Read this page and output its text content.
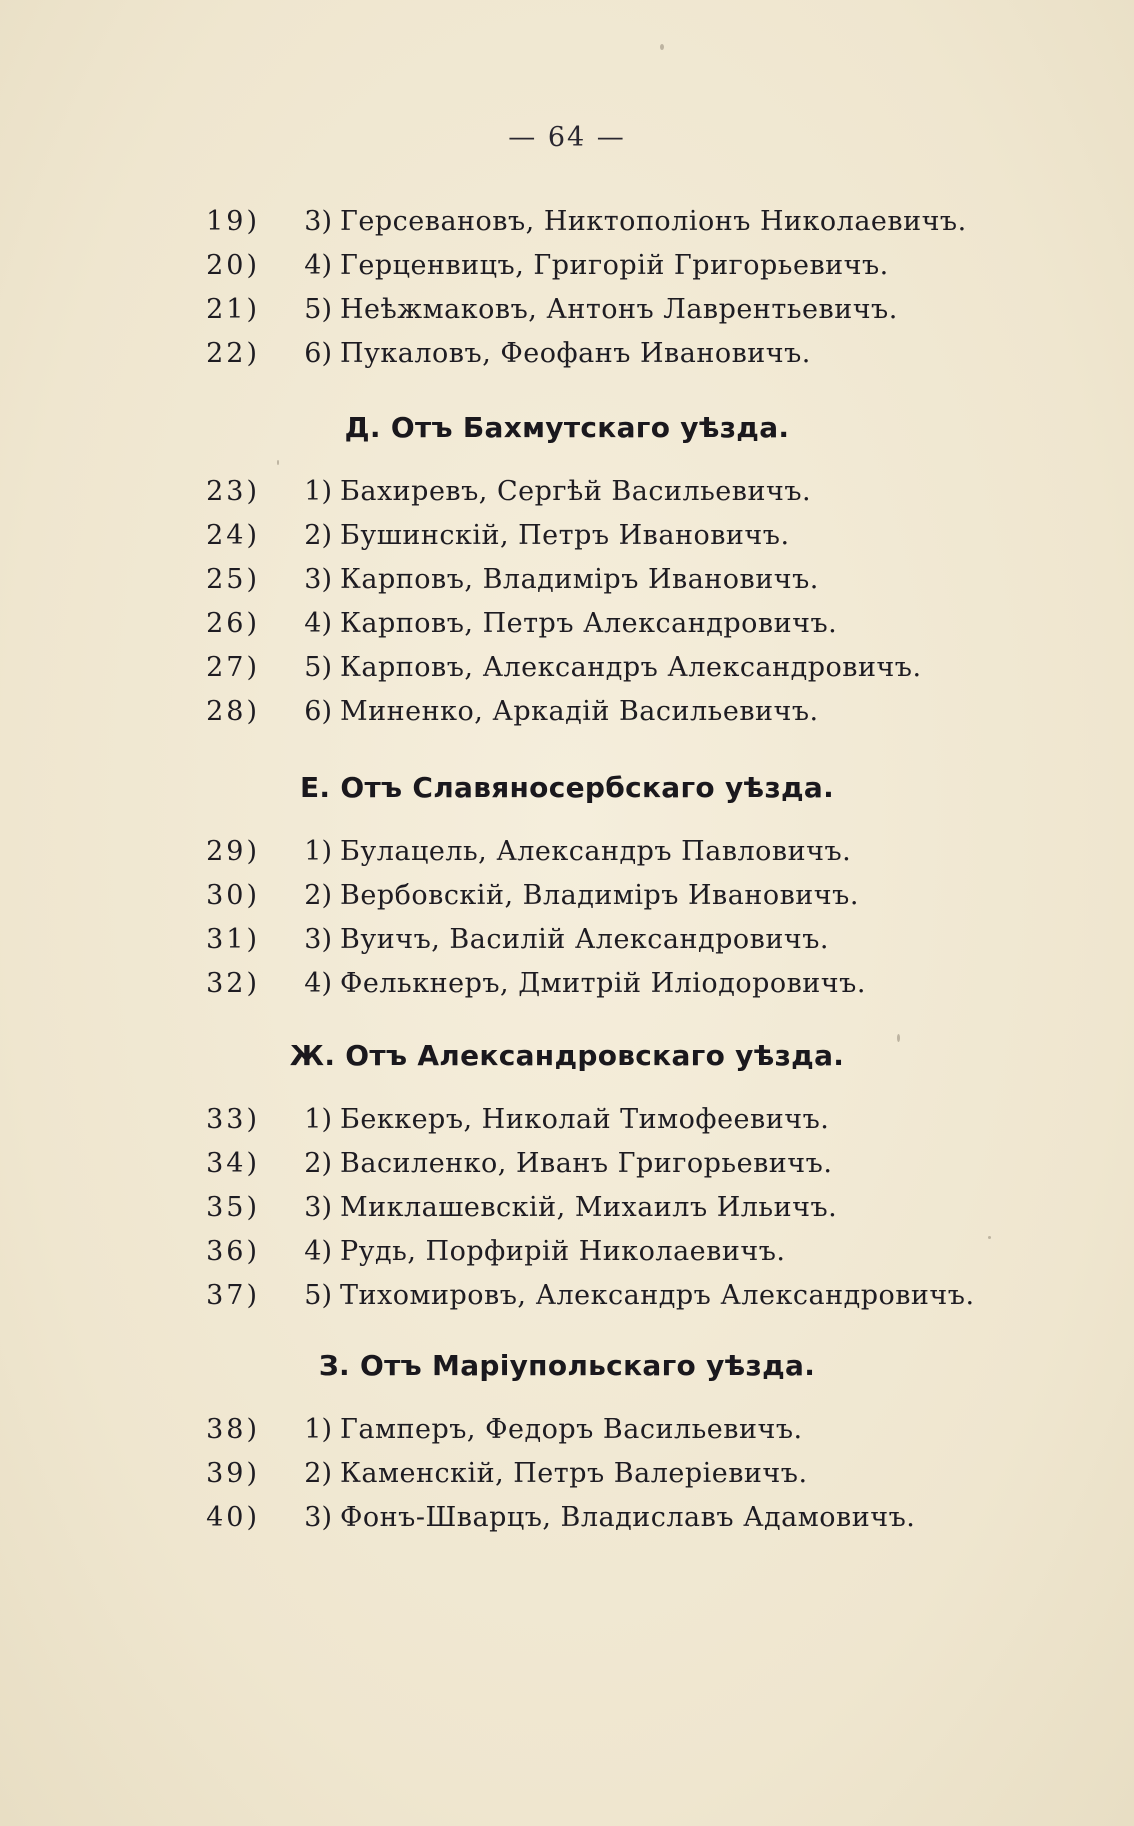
— 64 —
19)	3) Герсевановъ, Никтополіонъ Николаевичъ.
20)	4) Герценвицъ, Григорій Григорьевичъ.
21)	5) Неѣжмаковъ, Антонъ Лаврентьевичъ.
22)	6) Пукаловъ, Феофанъ Ивановичъ.
Д. Отъ Бахмутскаго уѣзда.
23)	1) Бахиревъ, Сергѣй Васильевичъ.
24)	2) Бушинскій, Петръ Ивановичъ.
25)	3) Карповъ, Владиміръ Ивановичъ.
26)	4) Карповъ, Петръ Александровичъ.
27)	5) Карповъ, Александръ Александровичъ.
28)	6) Миненко, Аркадій Васильевичъ.
Е. Отъ Славяносербскаго уѣзда.
29)	1) Булацель, Александръ Павловичъ.
30)	2) Вербовскій, Владиміръ Ивановичъ.
31)	3) Вуичъ, Василій Александровичъ.
32)	4) Фелькнеръ, Дмитрій Иліодоровичъ.
Ж. Отъ Александровскаго уѣзда.
33)	1) Беккеръ, Николай Тимофеевичъ.
34)	2) Василенко, Иванъ Григорьевичъ.
35)	3) Миклашевскій, Михаилъ Ильичъ.
36)	4) Рудь, Порфирій Николаевичъ.
37)	5) Тихомировъ, Александръ Александровичъ.
З. Отъ Маріупольскаго уѣзда.
38)	1) Гамперъ, Федоръ Васильевичъ.
39)	2) Каменскій, Петръ Валеріевичъ.
40)	3) Фонъ-Шварцъ, Владиславъ Адамовичъ.
